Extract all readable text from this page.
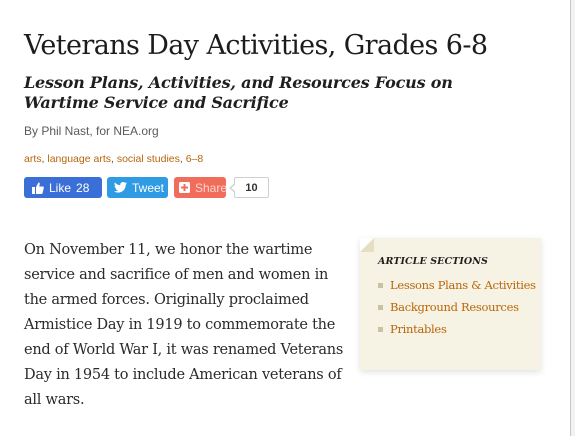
Veterans Day Activities, Grades 6-8
Lesson Plans, Activities, and Resources Focus on Wartime Service and Sacrifice
By Phil Nast, for NEA.org
arts, language arts, social studies, 6–8
Like 28	Tweet	Share	10

On November 11, we honor the wartime service and sacrifice of men and women in the armed forces. Originally proclaimed Armistice Day in 1919 to commemorate the end of World War I, it was renamed Veterans Day in 1954 to include American veterans of all wars.

ARTICLE SECTIONS
Lessons Plans & Activities
Background Resources
Printables
